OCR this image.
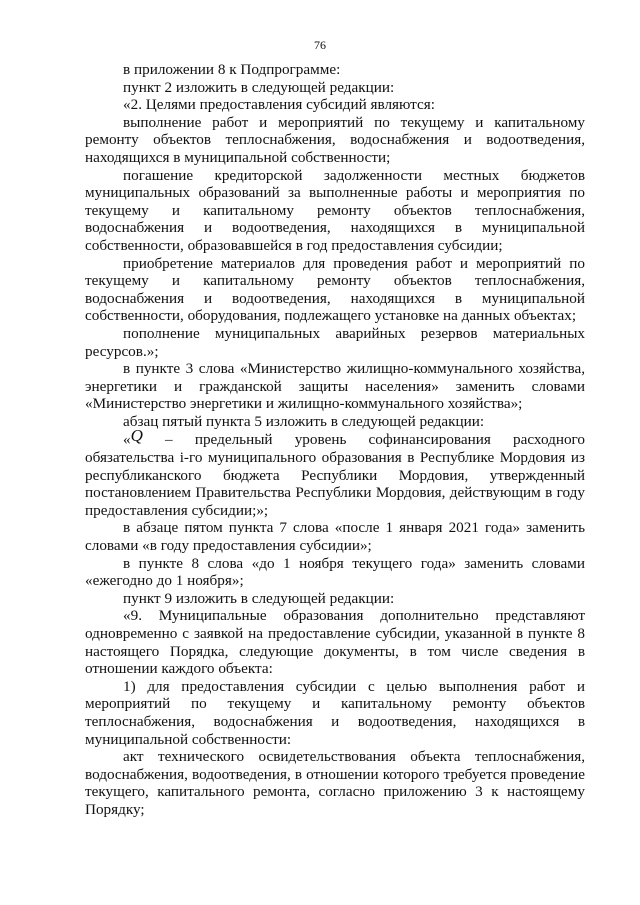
76

в приложении 8 к Подпрограмме:

пункт 2 изложить в следующей редакции:

«2. Целями предоставления субсидий являются:

выполнение работ и мероприятий по текущему и капитальному ремонту объектов теплоснабжения, водоснабжения и водоотведения, находящихся в муниципальной собственности;

погашение кредиторской задолженности местных бюджетов муниципальных образований за выполненные работы и мероприятия по текущему и капитальному ремонту объектов теплоснабжения, водоснабжения и водоотведения, находящихся в муниципальной собственности, образовавшейся в год предоставления субсидии;

приобретение материалов для проведения работ и мероприятий по текущему и капитальному ремонту объектов теплоснабжения, водоснабжения и водоотведения, находящихся в муниципальной собственности, оборудования, подлежащего установке на данных объектах;

пополнение муниципальных аварийных резервов материальных ресурсов.»;

в пункте 3 слова «Министерство жилищно-коммунального хозяйства, энергетики и гражданской защиты населения» заменить словами «Министерство энергетики и жилищно-коммунального хозяйства»;

абзац пятый пункта 5 изложить в следующей редакции:

«Q – предельный уровень софинансирования расходного обязательства i-го муниципального образования в Республике Мордовия из республиканского бюджета Республики Мордовия, утвержденный постановлением Правительства Республики Мордовия, действующим в году предоставления субсидии;»;

в абзаце пятом пункта 7 слова «после 1 января 2021 года» заменить словами «в году предоставления субсидии»;

в пункте 8 слова «до 1 ноября текущего года» заменить словами «ежегодно до 1 ноября»;

пункт 9 изложить в следующей редакции:

«9. Муниципальные образования дополнительно представляют одновременно с заявкой на предоставление субсидии, указанной в пункте 8 настоящего Порядка, следующие документы, в том числе сведения в отношении каждого объекта:

1) для предоставления субсидии с целью выполнения работ и мероприятий по текущему и капитальному ремонту объектов теплоснабжения, водоснабжения и водоотведения, находящихся в муниципальной собственности:

акт технического освидетельствования объекта теплоснабжения, водоснабжения, водоотведения, в отношении которого требуется проведение текущего, капитального ремонта, согласно приложению 3 к настоящему Порядку;
